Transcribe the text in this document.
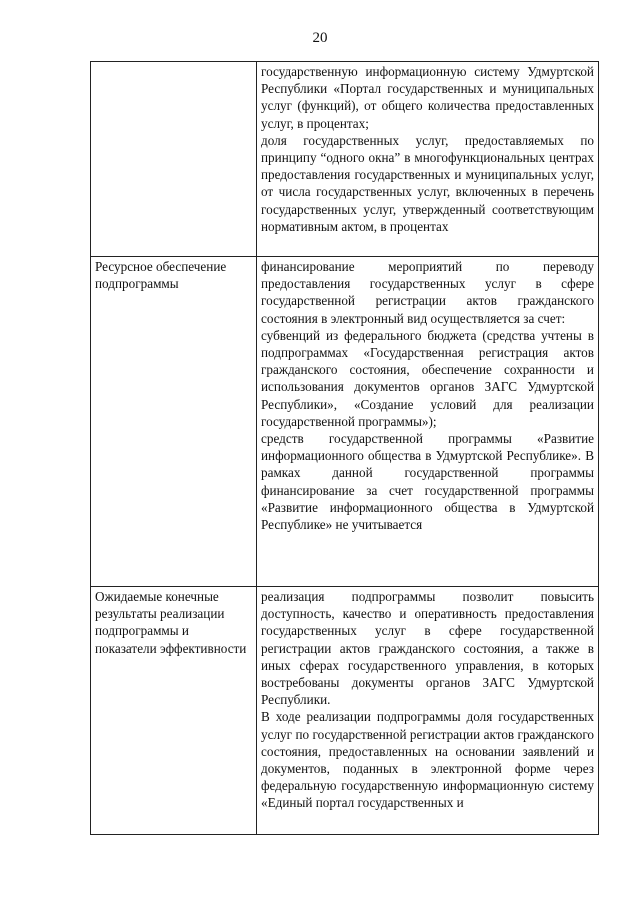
20

	государственную информационную систему Удмуртской Республики «Портал государственных и муниципальных услуг (функций), от общего количества предоставленных услуг, в процентах;

доля государственных услуг, предоставляемых по принципу “одного окна” в многофункциональных центрах предоставления государственных и муниципальных услуг, от числа государственных услуг, включенных в перечень государственных услуг, утвержденный соответствующим нормативным актом, в процентах

Ресурсное обеспечение подпрограммы	финансирование мероприятий по переводу предоставления государственных услуг в сфере государственной регистрации актов гражданского состояния в электронный вид осуществляется за счет:

субвенций из федерального бюджета (средства учтены в подпрограммах «Государственная регистрация актов гражданского состояния, обеспечение сохранности и использования документов органов ЗАГС Удмуртской Республики», «Создание условий для реализации государственной программы»);

средств государственной программы «Развитие информационного общества в Удмуртской Республике». В рамках данной государственной программы финансирование за счет государственной программы «Развитие информационного общества в Удмуртской Республике» не учитывается

Ожидаемые конечные результаты реализации подпрограммы и показатели эффективности	реализация подпрограммы позволит повысить доступность, качество и оперативность предоставления государственных услуг в сфере государственной регистрации актов гражданского состояния, а также в иных сферах государственного управления, в которых востребованы документы органов ЗАГС Удмуртской Республики.

В ходе реализации подпрограммы доля государственных услуг по государственной регистрации актов гражданского состояния, предоставленных на основании заявлений и документов, поданных в электронной форме через федеральную государственную информационную систему «Единый портал государственных и
